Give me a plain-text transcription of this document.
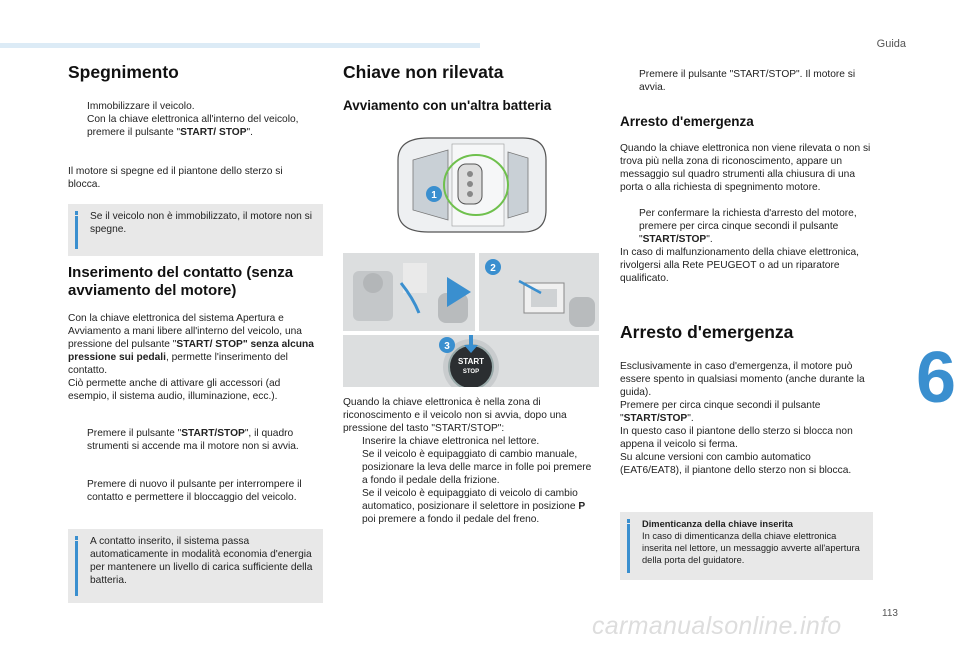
Guida
6
113
carmanualsonline.info
Spegnimento
Immobilizzare il veicolo.
Con la chiave elettronica all'interno del veicolo, premere il pulsante "START/ STOP".

Il motore si spegne ed il piantone dello sterzo si blocca.

Se il veicolo non è immobilizzato, il motore non si spegne.
Inserimento del contatto (senza avviamento del motore)

Con la chiave elettronica del sistema Apertura e Avviamento a mani libere all'interno del veicolo, una pressione del pulsante "START/ STOP" senza alcuna pressione sui pedali, permette l'inserimento del contatto.
Ciò permette anche di attivare gli accessori (ad esempio, il sistema audio, illuminazione, ecc.).

Premere il pulsante "START/STOP", il quadro strumenti si accende ma il motore non si avvia.
Premere di nuovo il pulsante per interrompere il contatto e permettere il bloccaggio del veicolo.
A contatto inserito, il sistema passa automaticamente in modalità economia d'energia per mantenere un livello di carica sufficiente della batteria.
Chiave non rilevata
Avviamento con un'altra batteria
1
2
START
STOP
3

Quando la chiave elettronica è nella zona di riconoscimento e il veicolo non si avvia, dopo una pressione del tasto "START/STOP":

Inserire la chiave elettronica nel lettore.
Se il veicolo è equipaggiato di cambio manuale, posizionare la leva delle marce in folle poi premere a fondo il pedale della frizione.
Se il veicolo è equipaggiato di veicolo di cambio automatico, posizionare il selettore in posizione P poi premere a fondo il pedale del freno.
Premere il pulsante "START/STOP". Il motore si avvia.
Arresto d'emergenza

Quando la chiave elettronica non viene rilevata o non si trova più nella zona di riconoscimento, appare un messaggio sul quadro strumenti alla chiusura di una porta o alla richiesta di spegnimento motore.

Per confermare la richiesta d'arresto del motore, premere per circa cinque secondi il pulsante "START/STOP".

In caso di malfunzionamento della chiave elettronica, rivolgersi alla Rete PEUGEOT o ad un riparatore qualificato.

Arresto d'emergenza

Esclusivamente in caso d'emergenza, il motore può essere spento in qualsiasi momento (anche durante la guida).

Premere per circa cinque secondi il pulsante "START/STOP".

In questo caso il piantone dello sterzo si blocca non appena il veicolo si ferma.

Su alcune versioni con cambio automatico (EAT6/EAT8), il piantone dello sterzo non si blocca.

Dimenticanza della chiave inserita
In caso di dimenticanza della chiave elettronica inserita nel lettore, un messaggio avverte all'apertura della porta del guidatore.
